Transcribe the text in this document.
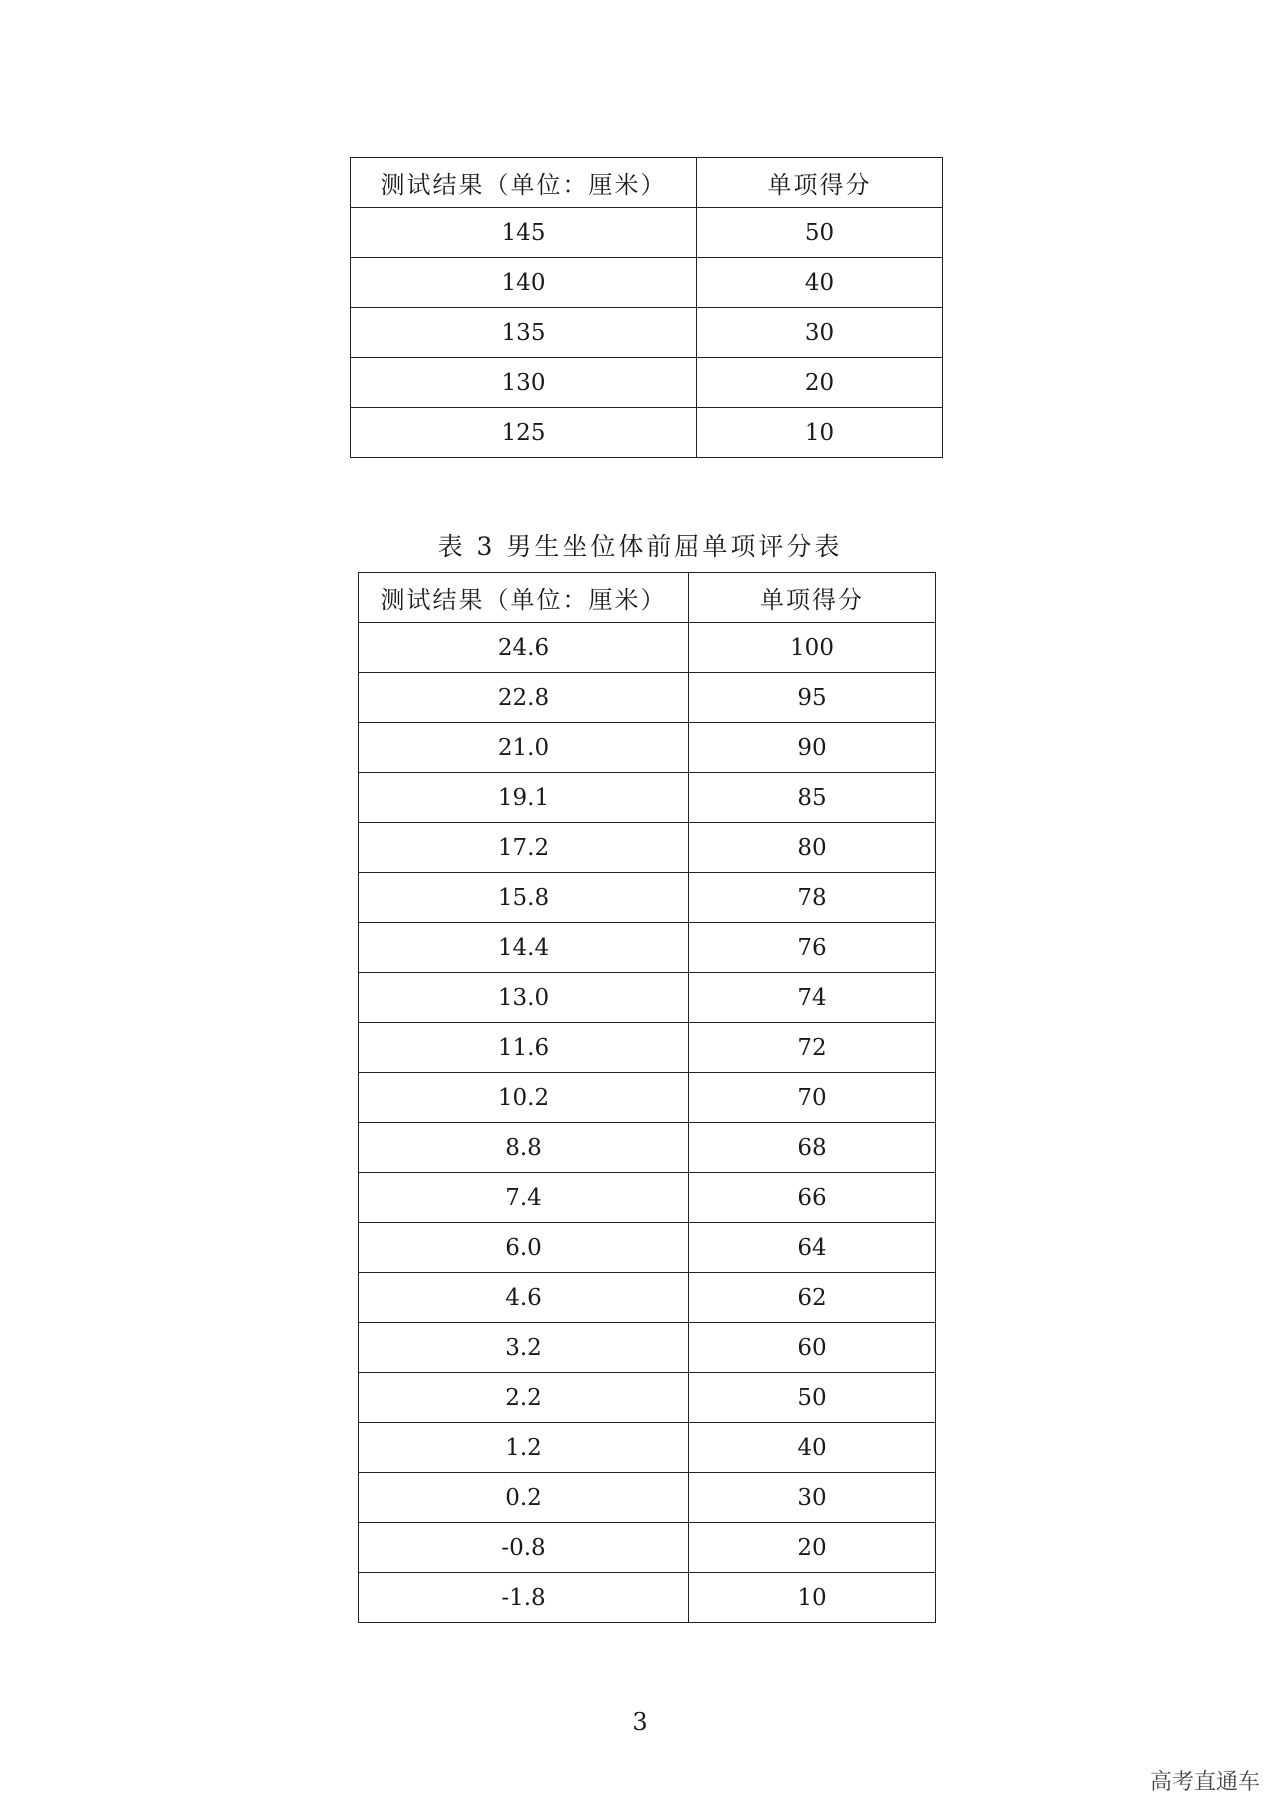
测试结果（单位：厘米）	单项得分
145	50
140	40
135	30
130	20
125	10
表 3 男生坐位体前屈单项评分表
测试结果（单位：厘米）	单项得分
24.6	100
22.8	95
21.0	90
19.1	85
17.2	80
15.8	78
14.4	76
13.0	74
11.6	72
10.2	70
8.8	68
7.4	66
6.0	64
4.6	62
3.2	60
2.2	50
1.2	40
0.2	30
-0.8	20
-1.8	10
3
高考直通车
